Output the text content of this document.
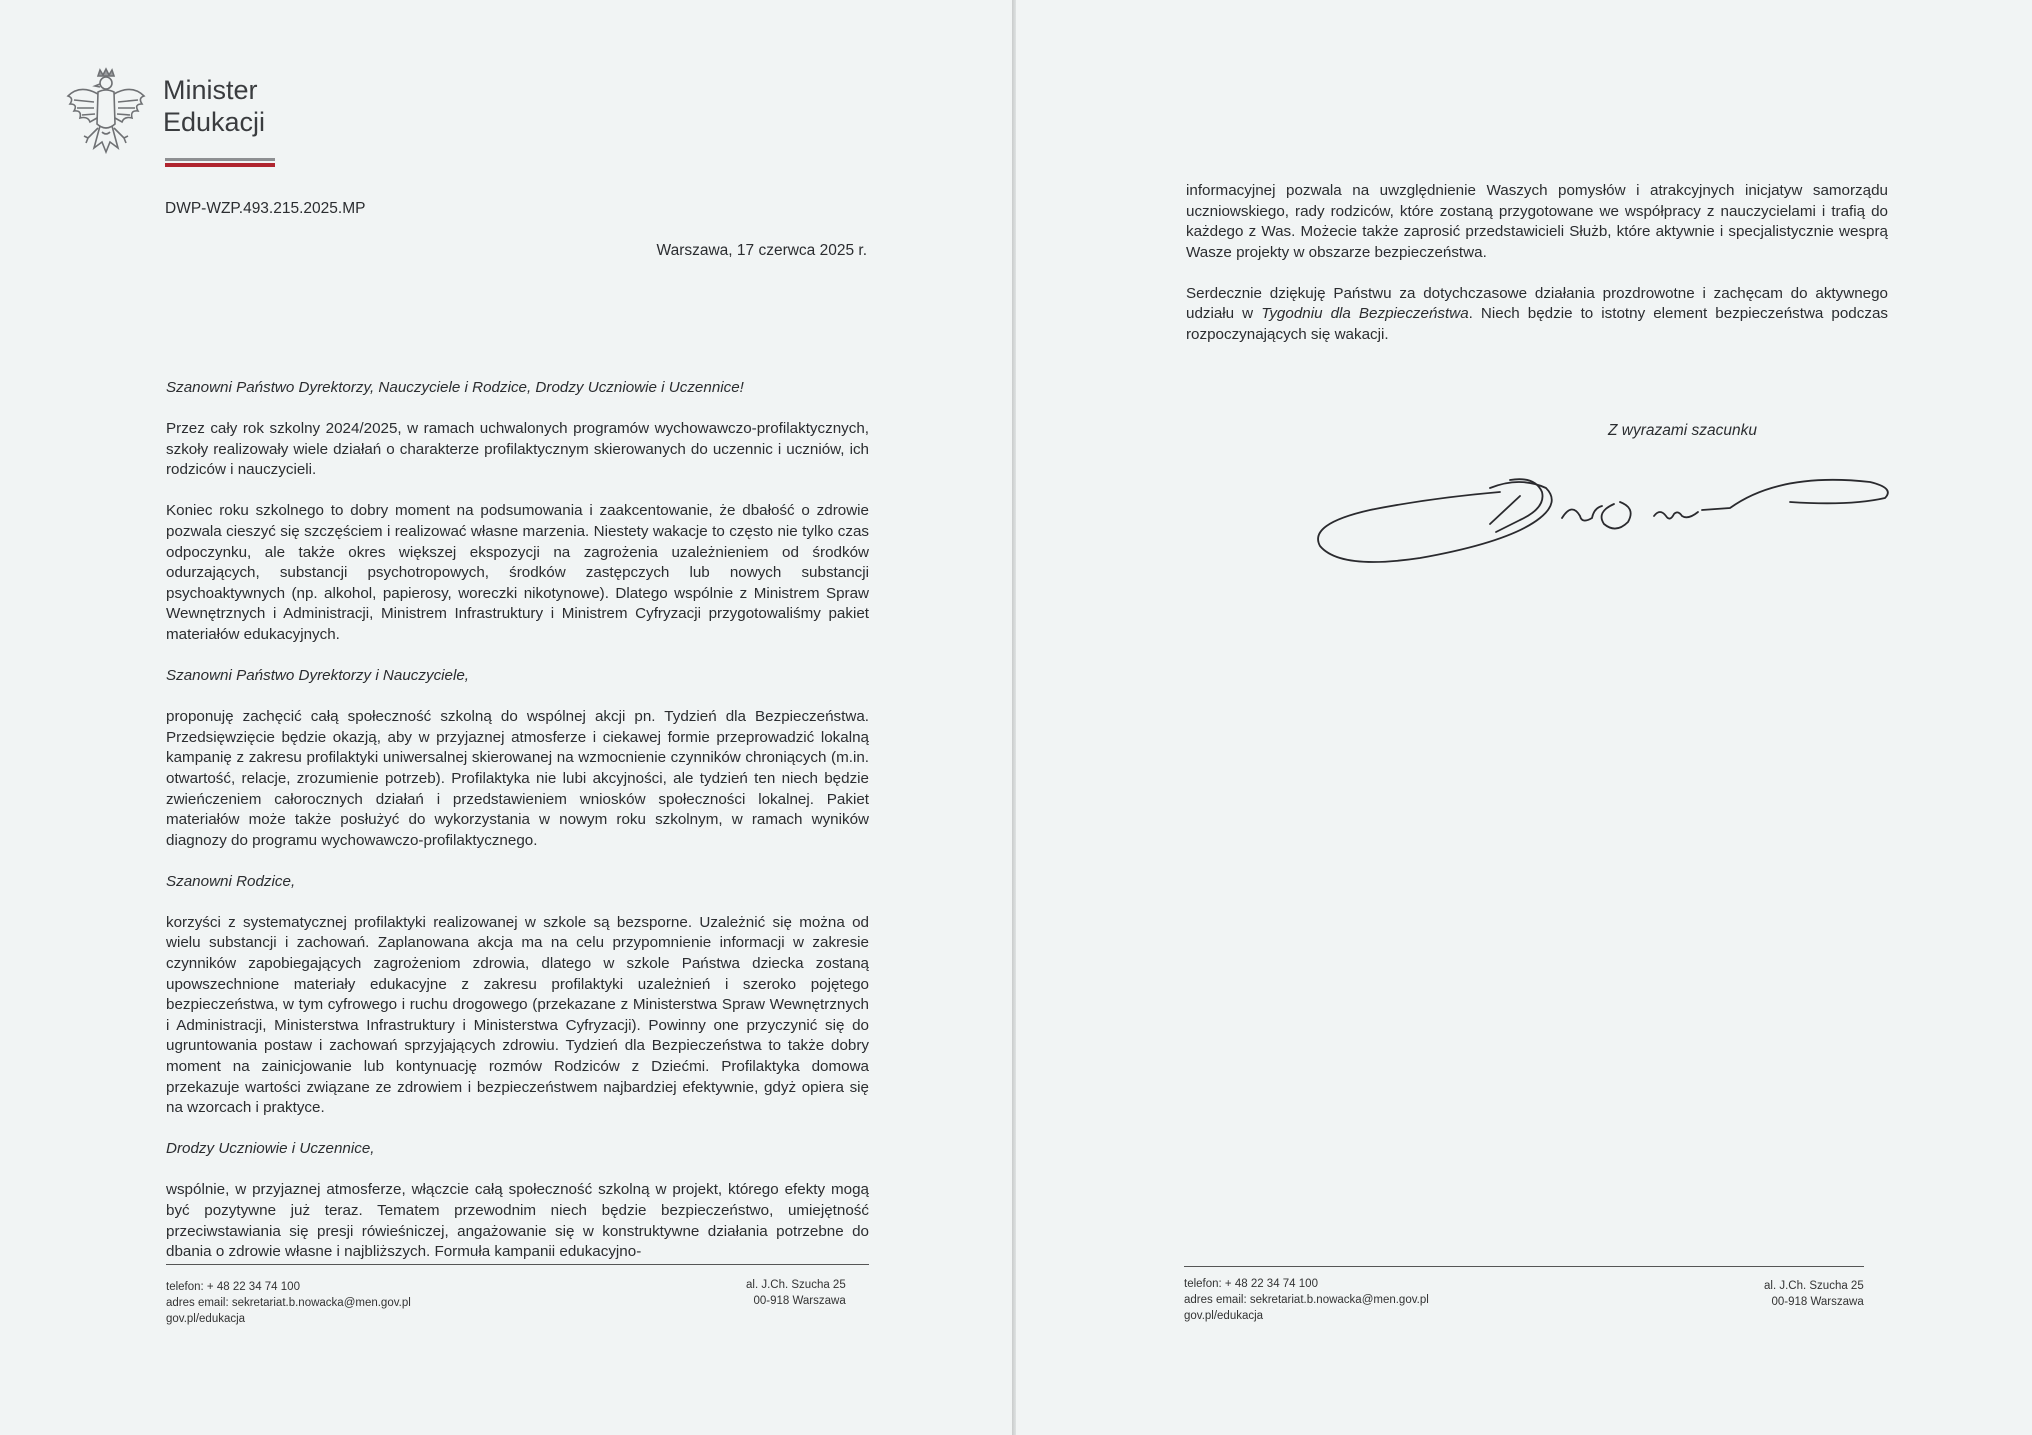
Minister
Edukacji
DWP-WZP.493.215.2025.MP
Warszawa, 17 czerwca 2025 r.

Szanowni Państwo Dyrektorzy, Nauczyciele i Rodzice, Drodzy Uczniowie i Uczennice!

Przez cały rok szkolny 2024/2025, w ramach uchwalonych programów wychowawczo-profilaktycznych, szkoły realizowały wiele działań o charakterze profilaktycznym skierowanych do uczennic i uczniów, ich rodziców i nauczycieli.

Koniec roku szkolnego to dobry moment na podsumowania i zaakcentowanie, że dbałość o zdrowie pozwala cieszyć się szczęściem i realizować własne marzenia. Niestety wakacje to często nie tylko czas odpoczynku, ale także okres większej ekspozycji na zagrożenia uzależnieniem od środków odurzających, substancji psychotropowych, środków zastępczych lub nowych substancji psychoaktywnych (np. alkohol, papierosy, woreczki nikotynowe). Dlatego wspólnie z Ministrem Spraw Wewnętrznych i Administracji, Ministrem Infrastruktury i Ministrem Cyfryzacji przygotowaliśmy pakiet materiałów edukacyjnych.

Szanowni Państwo Dyrektorzy i Nauczyciele,

proponuję zachęcić całą społeczność szkolną do wspólnej akcji pn. Tydzień dla Bezpieczeństwa. Przedsięwzięcie będzie okazją, aby w przyjaznej atmosferze i ciekawej formie przeprowadzić lokalną kampanię z zakresu profilaktyki uniwersalnej skierowanej na wzmocnienie czynników chroniących (m.in. otwartość, relacje, zrozumienie potrzeb). Profilaktyka nie lubi akcyjności, ale tydzień ten niech będzie zwieńczeniem całorocznych działań i przedstawieniem wniosków społeczności lokalnej. Pakiet materiałów może także posłużyć do wykorzystania w nowym roku szkolnym, w ramach wyników diagnozy do programu wychowawczo-profilaktycznego.

Szanowni Rodzice,

korzyści z systematycznej profilaktyki realizowanej w szkole są bezsporne. Uzależnić się można od wielu substancji i zachowań. Zaplanowana akcja ma na celu przypomnienie informacji w zakresie czynników zapobiegających zagrożeniom zdrowia, dlatego w szkole Państwa dziecka zostaną upowszechnione materiały edukacyjne z zakresu profilaktyki uzależnień i szeroko pojętego bezpieczeństwa, w tym cyfrowego i ruchu drogowego (przekazane z Ministerstwa Spraw Wewnętrznych i Administracji, Ministerstwa Infrastruktury i Ministerstwa Cyfryzacji). Powinny one przyczynić się do ugruntowania postaw i zachowań sprzyjających zdrowiu. Tydzień dla Bezpieczeństwa to także dobry moment na zainicjowanie lub kontynuację rozmów Rodziców z Dziećmi. Profilaktyka domowa przekazuje wartości związane ze zdrowiem i bezpieczeństwem najbardziej efektywnie, gdyż opiera się na wzorcach i praktyce.

Drodzy Uczniowie i Uczennice,

wspólnie, w przyjaznej atmosferze, włączcie całą społeczność szkolną w projekt, którego efekty mogą być pozytywne już teraz. Tematem przewodnim niech będzie bezpieczeństwo, umiejętność przeciwstawiania się presji rówieśniczej, angażowanie się w konstruktywne działania potrzebne do dbania o zdrowie własne i najbliższych. Formuła kampanii edukacyjno-

telefon: + 48 22 34 74 100
adres email: sekretariat.b.nowacka@men.gov.pl
gov.pl/edukacja
al. J.Ch. Szucha 25
00-918 Warszawa

informacyjnej pozwala na uwzględnienie Waszych pomysłów i atrakcyjnych inicjatyw samorządu uczniowskiego, rady rodziców, które zostaną przygotowane we współpracy z nauczycielami i trafią do każdego z Was. Możecie także zaprosić przedstawicieli Służb, które aktywnie i specjalistycznie wesprą Wasze projekty w obszarze bezpieczeństwa.

Serdecznie dziękuję Państwu za dotychczasowe działania prozdrowotne i zachęcam do aktywnego udziału w Tygodniu dla Bezpieczeństwa. Niech będzie to istotny element bezpieczeństwa podczas rozpoczynających się wakacji.

Z wyrazami szacunku
telefon: + 48 22 34 74 100
adres email: sekretariat.b.nowacka@men.gov.pl
gov.pl/edukacja
al. J.Ch. Szucha 25
00-918 Warszawa
